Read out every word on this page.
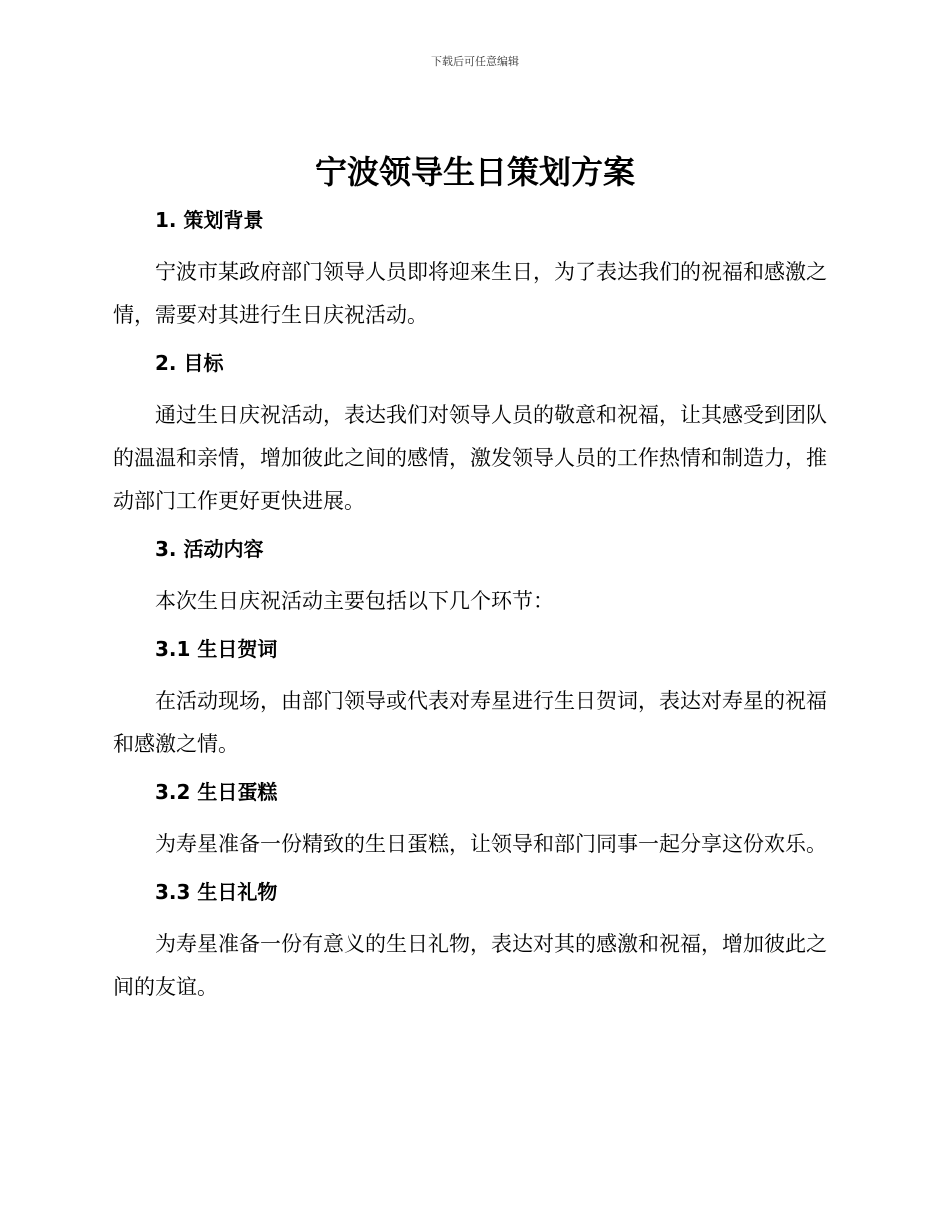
下载后可任意编辑
宁波领导生日策划方案
1. 策划背景

宁波市某政府部门领导人员即将迎来生日，为了表达我们的祝福和感激之情，需要对其进行生日庆祝活动。

2. 目标

通过生日庆祝活动，表达我们对领导人员的敬意和祝福，让其感受到团队的温温和亲情，增加彼此之间的感情，激发领导人员的工作热情和制造力，推动部门工作更好更快进展。

3. 活动内容

本次生日庆祝活动主要包括以下几个环节：

3.1 生日贺词

在活动现场，由部门领导或代表对寿星进行生日贺词，表达对寿星的祝福和感激之情。

3.2 生日蛋糕

为寿星准备一份精致的生日蛋糕，让领导和部门同事一起分享这份欢乐。

3.3 生日礼物

为寿星准备一份有意义的生日礼物，表达对其的感激和祝福，增加彼此之间的友谊。
